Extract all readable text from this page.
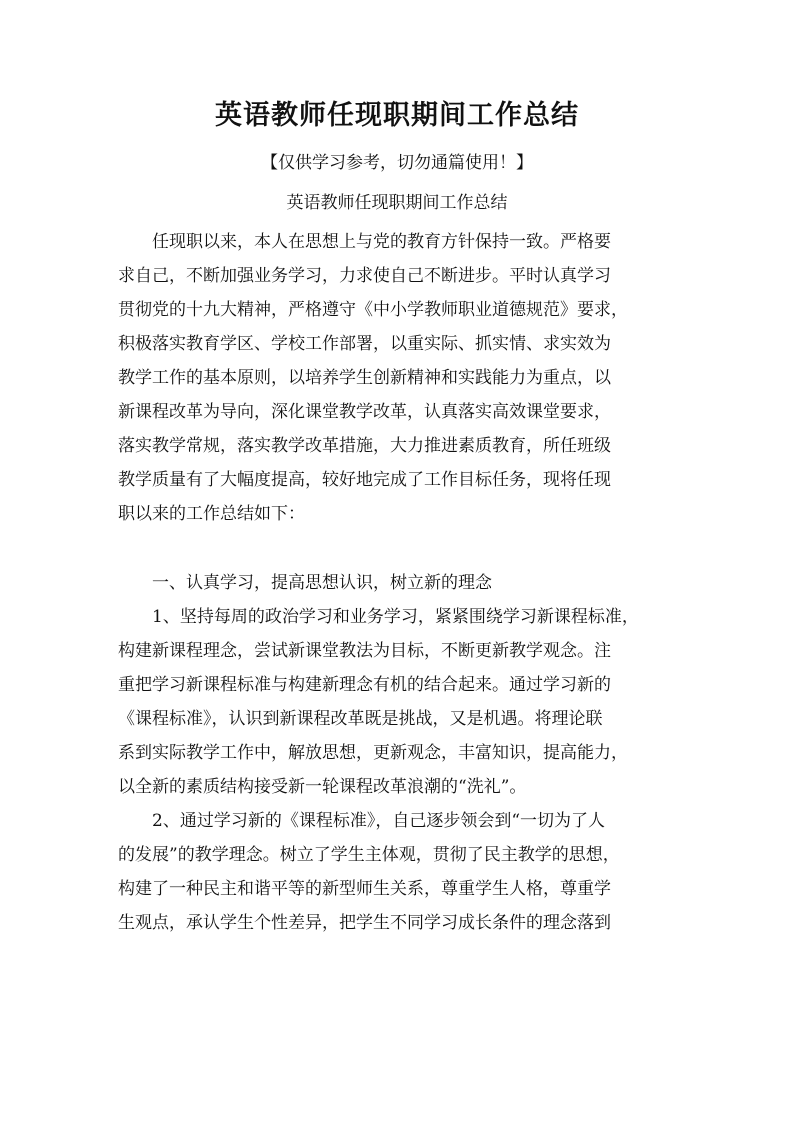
英语教师任现职期间工作总结
【仅供学习参考，切勿通篇使用！】
英语教师任现职期间工作总结
任现职以来，本人在思想上与党的教育方针保持一致。严格要
求自己，不断加强业务学习，力求使自己不断进步。平时认真学习
贯彻党的十九大精神，严格遵守《中小学教师职业道德规范》要求，
积极落实教育学区、学校工作部署，以重实际、抓实情、求实效为
教学工作的基本原则，以培养学生创新精神和实践能力为重点，以
新课程改革为导向，深化课堂教学改革，认真落实高效课堂要求，
落实教学常规，落实教学改革措施，大力推进素质教育，所任班级
教学质量有了大幅度提高，较好地完成了工作目标任务，现将任现
职以来的工作总结如下：
一、认真学习，提高思想认识，树立新的理念
1、坚持每周的政治学习和业务学习，紧紧围绕学习新课程标准，
构建新课程理念，尝试新课堂教法为目标，不断更新教学观念。注
重把学习新课程标准与构建新理念有机的结合起来。通过学习新的
《课程标准》，认识到新课程改革既是挑战，又是机遇。将理论联
系到实际教学工作中，解放思想，更新观念，丰富知识，提高能力，
以全新的素质结构接受新一轮课程改革浪潮的“洗礼”。
2、通过学习新的《课程标准》，自己逐步领会到“一切为了人
的发展”的教学理念。树立了学生主体观，贯彻了民主教学的思想，
构建了一种民主和谐平等的新型师生关系，尊重学生人格，尊重学
生观点，承认学生个性差异，把学生不同学习成长条件的理念落到
